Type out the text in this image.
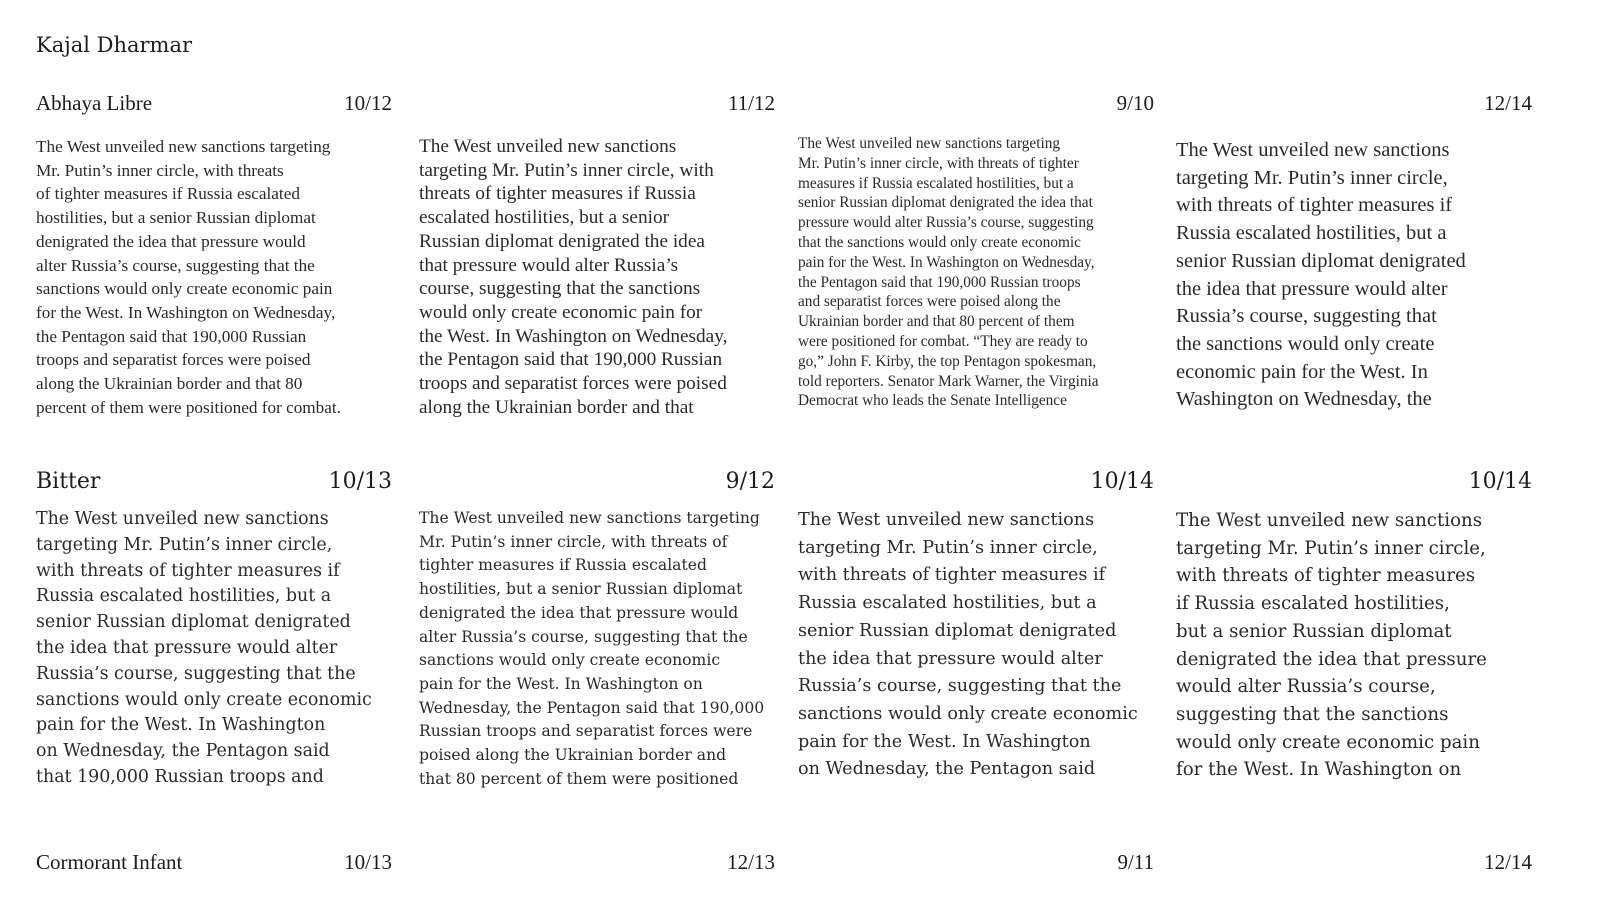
Kajal Dharmar
Abhaya Libre	10/12

The West unveiled new sanctions targeting
Mr. Putin’s inner circle, with threats
of tighter measures if Russia escalated
hostilities, but a senior Russian diplomat
denigrated the idea that pressure would
alter Russia’s course, suggesting that the
sanctions would only create economic pain
for the West. In Washington on Wednesday,
the Pentagon said that 190,000 Russian
troops and separatist forces were poised
along the Ukrainian border and that 80
percent of them were positioned for combat.

11/12

The West unveiled new sanctions
targeting Mr. Putin’s inner circle, with
threats of tighter measures if Russia
escalated hostilities, but a senior
Russian diplomat denigrated the idea
that pressure would alter Russia’s
course, suggesting that the sanctions
would only create economic pain for
the West. In Washington on Wednesday,
the Pentagon said that 190,000 Russian
troops and separatist forces were poised
along the Ukrainian border and that

9/10

The West unveiled new sanctions targeting
Mr. Putin’s inner circle, with threats of tighter
measures if Russia escalated hostilities, but a
senior Russian diplomat denigrated the idea that
pressure would alter Russia’s course, suggesting
that the sanctions would only create economic
pain for the West. In Washington on Wednesday,
the Pentagon said that 190,000 Russian troops
and separatist forces were poised along the
Ukrainian border and that 80 percent of them
were positioned for combat. “They are ready to
go,” John F. Kirby, the top Pentagon spokesman,
told reporters. Senator Mark Warner, the Virginia
Democrat who leads the Senate Intelligence

12/14

The West unveiled new sanctions
targeting Mr. Putin’s inner circle,
with threats of tighter measures if
Russia escalated hostilities, but a
senior Russian diplomat denigrated
the idea that pressure would alter
Russia’s course, suggesting that
the sanctions would only create
economic pain for the West. In
Washington on Wednesday, the

Bitter	10/13

The West unveiled new sanctions
targeting Mr. Putin’s inner circle,
with threats of tighter measures if
Russia escalated hostilities, but a
senior Russian diplomat denigrated
the idea that pressure would alter
Russia’s course, suggesting that the
sanctions would only create economic
pain for the West. In Washington
on Wednesday, the Pentagon said
that 190,000 Russian troops and

9/12

The West unveiled new sanctions targeting
Mr. Putin’s inner circle, with threats of
tighter measures if Russia escalated
hostilities, but a senior Russian diplomat
denigrated the idea that pressure would
alter Russia’s course, suggesting that the
sanctions would only create economic
pain for the West. In Washington on
Wednesday, the Pentagon said that 190,000
Russian troops and separatist forces were
poised along the Ukrainian border and
that 80 percent of them were positioned

10/14

The West unveiled new sanctions
targeting Mr. Putin’s inner circle,
with threats of tighter measures if
Russia escalated hostilities, but a
senior Russian diplomat denigrated
the idea that pressure would alter
Russia’s course, suggesting that the
sanctions would only create economic
pain for the West. In Washington
on Wednesday, the Pentagon said

10/14

The West unveiled new sanctions
targeting Mr. Putin’s inner circle,
with threats of tighter measures
if Russia escalated hostilities,
but a senior Russian diplomat
denigrated the idea that pressure
would alter Russia’s course,
suggesting that the sanctions
would only create economic pain
for the West. In Washington on

Cormorant Infant	10/13	12/13	9/11	12/14
